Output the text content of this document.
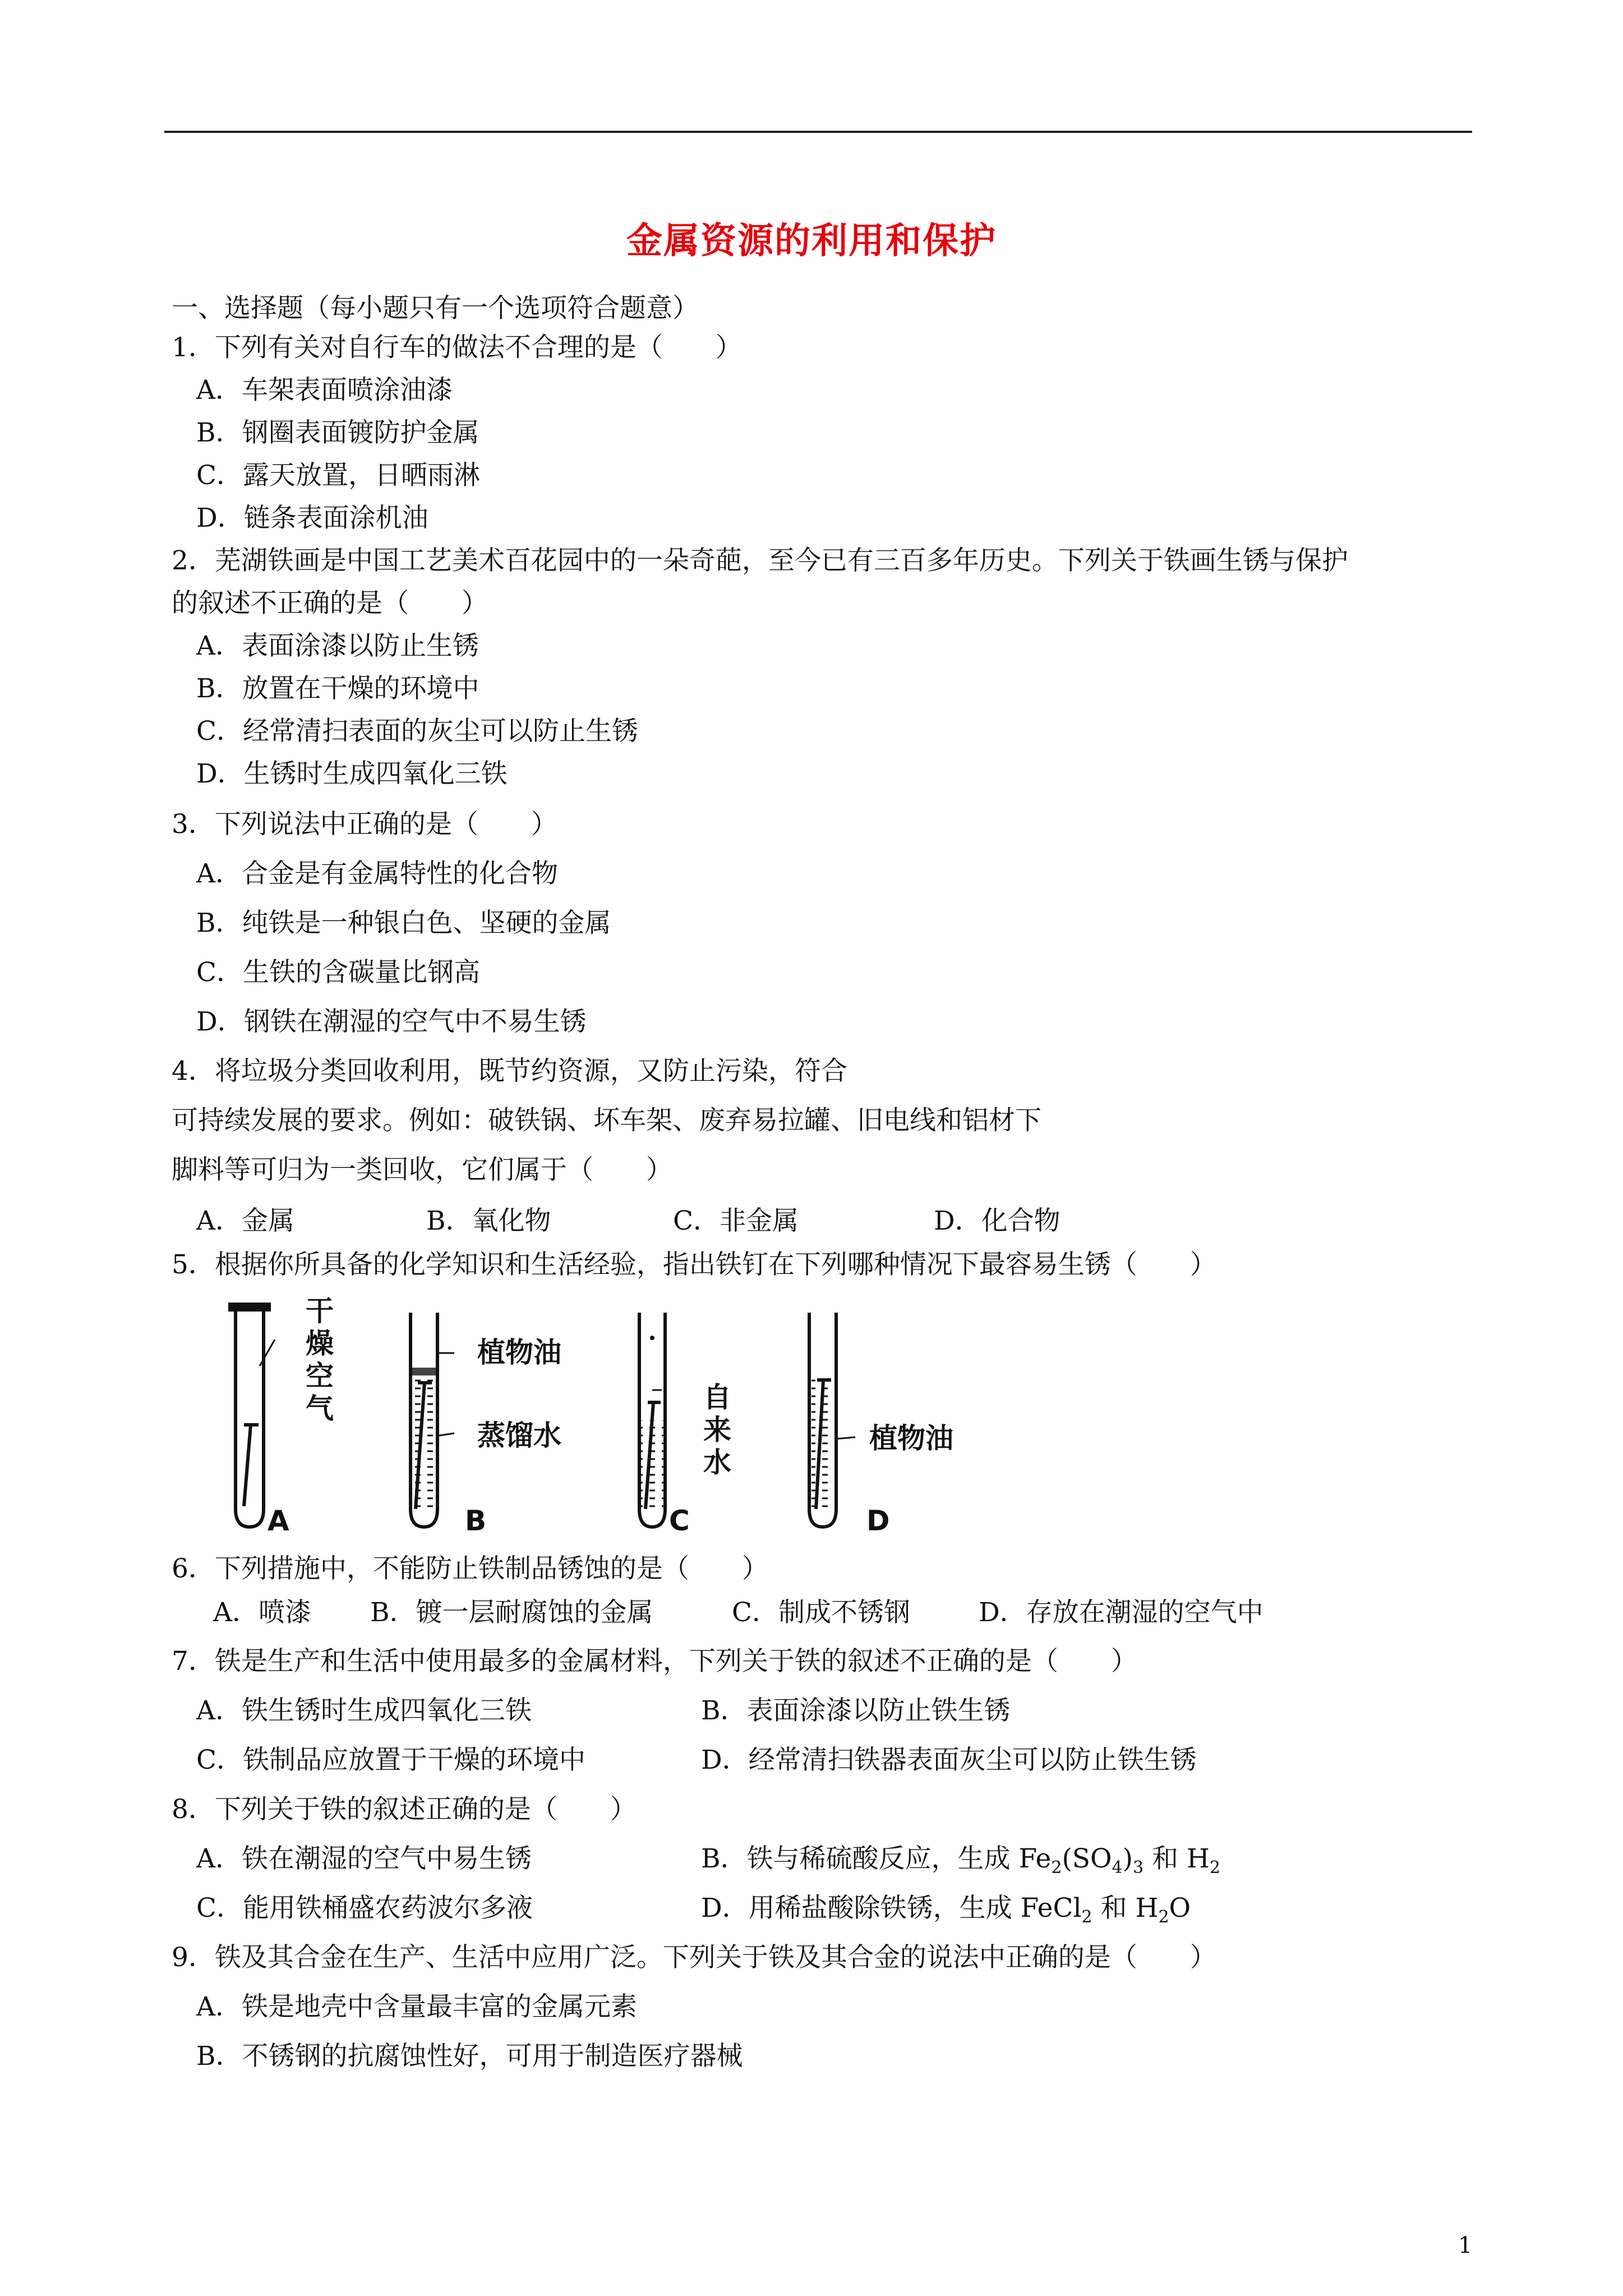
金属资源的利用和保护
一、选择题（每小题只有一个选项符合题意）
1．下列有关对自行车的做法不合理的是（　　）
A．车架表面喷涂油漆
B．钢圈表面镀防护金属
C．露天放置，日晒雨淋
D．链条表面涂机油
2．芜湖铁画是中国工艺美术百花园中的一朵奇葩，至今已有三百多年历史。下列关于铁画生锈与保护
的叙述不正确的是（　　）
A．表面涂漆以防止生锈
B．放置在干燥的环境中
C．经常清扫表面的灰尘可以防止生锈
D．生锈时生成四氧化三铁
3．下列说法中正确的是（　　）
A．合金是有金属特性的化合物
B．纯铁是一种银白色、坚硬的金属
C．生铁的含碳量比钢高
D．钢铁在潮湿的空气中不易生锈
4．将垃圾分类回收利用，既节约资源，又防止污染，符合
可持续发展的要求。例如：破铁锅、坏车架、废弃易拉罐、旧电线和铝材下
脚料等可归为一类回收，它们属于（　　）
A．金属	B．氧化物	C．非金属	D．化合物
5．根据你所具备的化学知识和生活经验，指出铁钉在下列哪种情况下最容易生锈（　　）
干燥空气
植物油
蒸馏水
自来水
植物油
A	B	C	D
6．下列措施中，不能防止铁制品锈蚀的是（　　）
A．喷漆 B．镀一层耐腐蚀的金属	C．制成不锈钢	D．存放在潮湿的空气中
7．铁是生产和生活中使用最多的金属材料，下列关于铁的叙述不正确的是（　　）
A．铁生锈时生成四氧化三铁	B．表面涂漆以防止铁生锈
C．铁制品应放置于干燥的环境中	D．经常清扫铁器表面灰尘可以防止铁生锈
8．下列关于铁的叙述正确的是（　　）
A．铁在潮湿的空气中易生锈	B．铁与稀硫酸反应，生成 $Fe_2(SO_4)_3$ 和 $H_2$
C．能用铁桶盛农药波尔多液	D．用稀盐酸除铁锈，生成 FeCl$_2$ 和 $H_2O$
9．铁及其合金在生产、生活中应用广泛。下列关于铁及其合金的说法中正确的是（　　）
A．铁是地壳中含量最丰富的金属元素
B．不锈钢的抗腐蚀性好，可用于制造医疗器械
1
